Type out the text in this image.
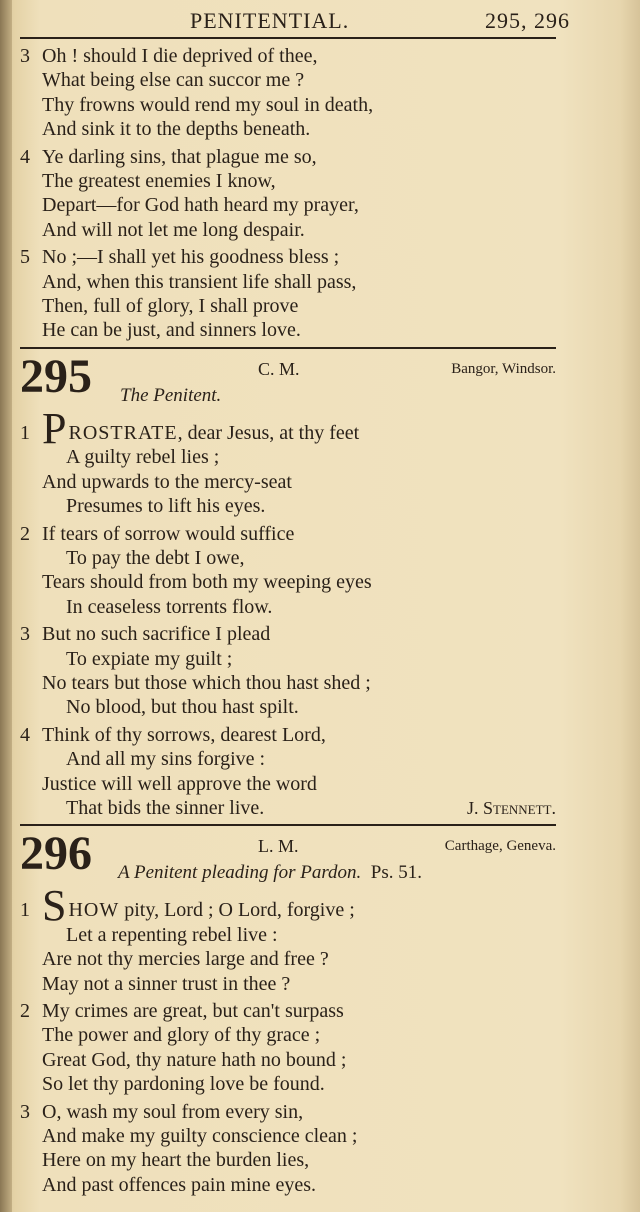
PENITENTIAL.	295, 296
3 Oh ! should I die deprived of thee,
What being else can succor me ?
Thy frowns would rend my soul in death,
And sink it to the depths beneath.
4 Ye darling sins, that plague me so,
The greatest enemies I know,
Depart—for God hath heard my prayer,
And will not let me long despair.
5 No ;—I shall yet his goodness bless ;
And, when this transient life shall pass,
Then, full of glory, I shall prove
He can be just, and sinners love.
295	C. M.	Bangor, Windsor.
The Penitent.
1 P ROSTRATE, dear Jesus, at thy feet
A guilty rebel lies ;
And upwards to the mercy-seat
Presumes to lift his eyes.
2 If tears of sorrow would suffice
To pay the debt I owe,
Tears should from both my weeping eyes
In ceaseless torrents flow.
3 But no such sacrifice I plead
To expiate my guilt ;
No tears but those which thou hast shed ;
No blood, but thou hast spilt.
4 Think of thy sorrows, dearest Lord,
And all my sins forgive :
Justice will well approve the word
That bids the sinner live.	J. Stennett.
296	L. M.	Carthage, Geneva.
A Penitent pleading for Pardon. Ps. 51.
1 S HOW pity, Lord ; O Lord, forgive ;
Let a repenting rebel live :
Are not thy mercies large and free ?
May not a sinner trust in thee ?
2 My crimes are great, but can't surpass
The power and glory of thy grace ;
Great God, thy nature hath no bound ;
So let thy pardoning love be found.
3 O, wash my soul from every sin,
And make my guilty conscience clean ;
Here on my heart the burden lies,
And past offences pain mine eyes.
